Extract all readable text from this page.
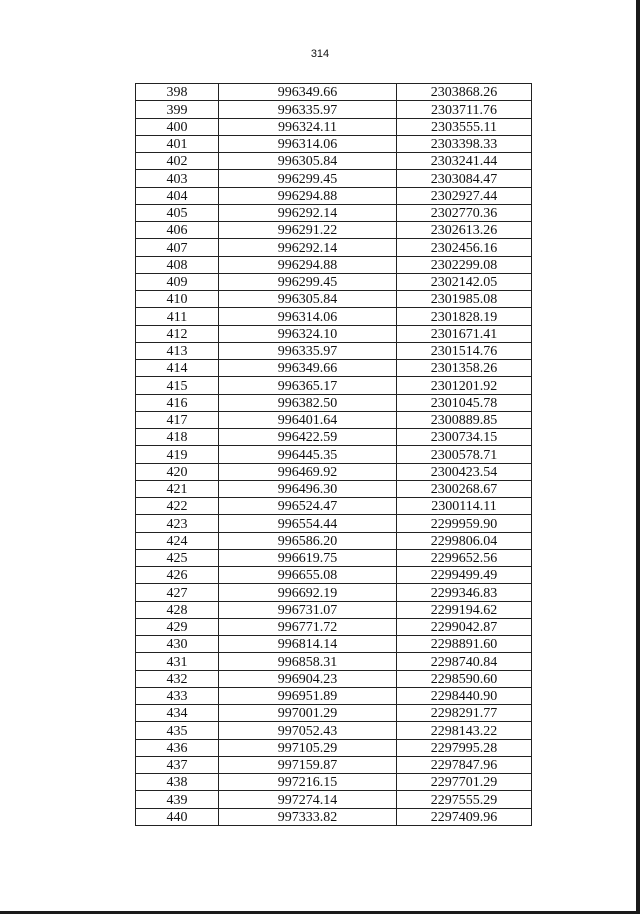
314
398	996349.66	2303868.26
399	996335.97	2303711.76
400	996324.11	2303555.11
401	996314.06	2303398.33
402	996305.84	2303241.44
403	996299.45	2303084.47
404	996294.88	2302927.44
405	996292.14	2302770.36
406	996291.22	2302613.26
407	996292.14	2302456.16
408	996294.88	2302299.08
409	996299.45	2302142.05
410	996305.84	2301985.08
411	996314.06	2301828.19
412	996324.10	2301671.41
413	996335.97	2301514.76
414	996349.66	2301358.26
415	996365.17	2301201.92
416	996382.50	2301045.78
417	996401.64	2300889.85
418	996422.59	2300734.15
419	996445.35	2300578.71
420	996469.92	2300423.54
421	996496.30	2300268.67
422	996524.47	2300114.11
423	996554.44	2299959.90
424	996586.20	2299806.04
425	996619.75	2299652.56
426	996655.08	2299499.49
427	996692.19	2299346.83
428	996731.07	2299194.62
429	996771.72	2299042.87
430	996814.14	2298891.60
431	996858.31	2298740.84
432	996904.23	2298590.60
433	996951.89	2298440.90
434	997001.29	2298291.77
435	997052.43	2298143.22
436	997105.29	2297995.28
437	997159.87	2297847.96
438	997216.15	2297701.29
439	997274.14	2297555.29
440	997333.82	2297409.96
